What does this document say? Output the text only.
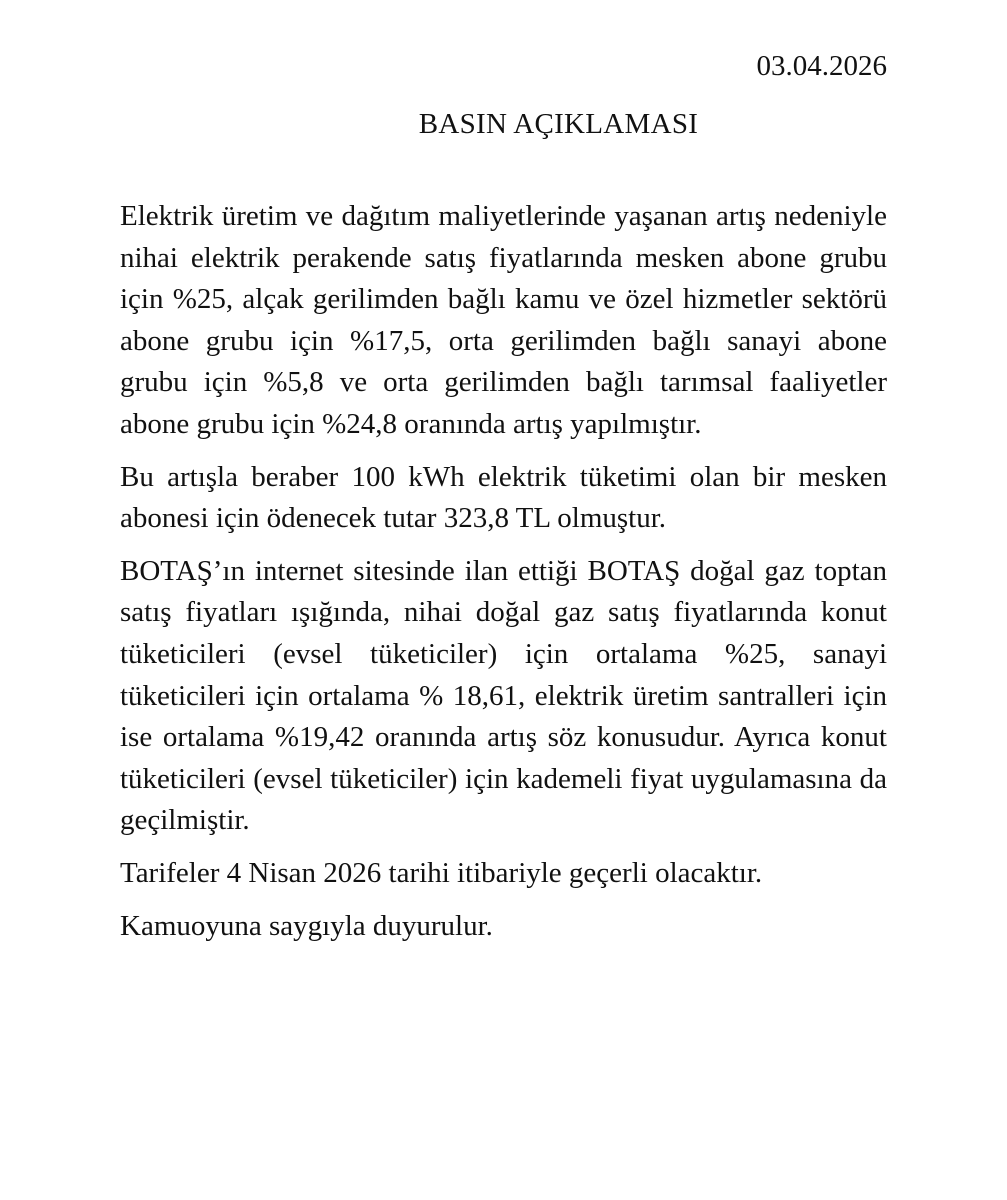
03.04.2026
BASIN AÇIKLAMASI

Elektrik üretim ve dağıtım maliyetlerinde yaşanan artış nedeniyle nihai elektrik perakende satış fiyatlarında mesken abone grubu için %25, alçak gerilimden bağlı kamu ve özel hizmetler sektörü abone grubu için %17,5, orta gerilimden bağlı sanayi abone grubu için %5,8 ve orta gerilimden bağlı tarımsal faaliyetler abone grubu için %24,8 oranında artış yapılmıştır.

Bu artışla beraber 100 kWh elektrik tüketimi olan bir mesken abonesi için ödenecek tutar 323,8 TL olmuştur.

BOTAŞ’ın internet sitesinde ilan ettiği BOTAŞ doğal gaz toptan satış fiyatları ışığında, nihai doğal gaz satış fiyatlarında konut tüketicileri (evsel tüketiciler) için ortalama %25, sanayi tüketicileri için ortalama % 18,61, elektrik üretim santralleri için ise ortalama %19,42 oranında artış söz konusudur. Ayrıca konut tüketicileri (evsel tüketiciler) için kademeli fiyat uygulamasına da geçilmiştir.

Tarifeler 4 Nisan 2026 tarihi itibariyle geçerli olacaktır.

Kamuoyuna saygıyla duyurulur.
